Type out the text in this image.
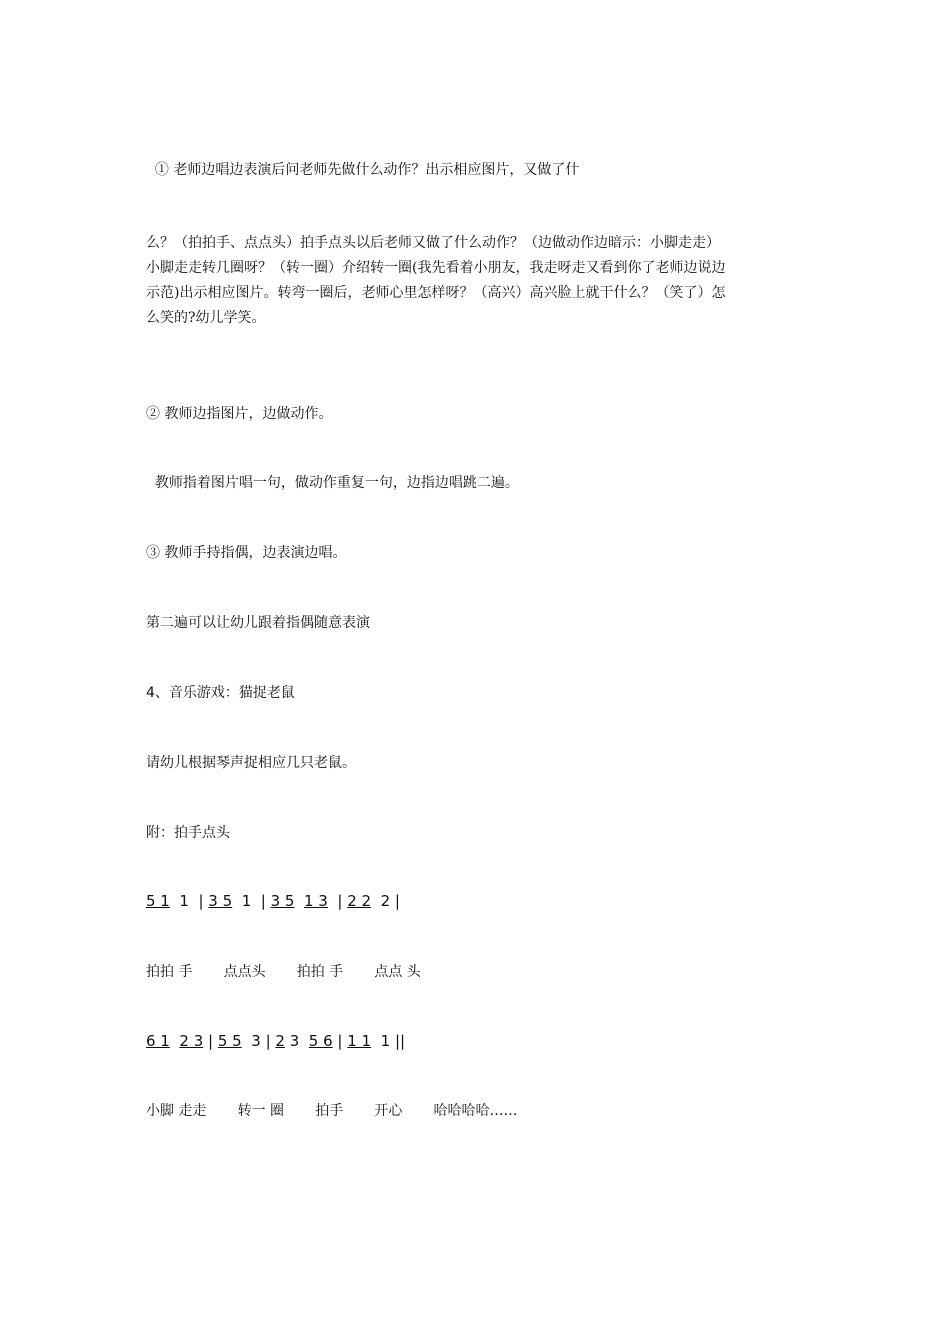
① 老师边唱边表演后问老师先做什么动作？出示相应图片，又做了什
么？（拍拍手、点点头）拍手点头以后老师又做了什么动作？（边做动作边暗示：小脚走走）
小脚走走转几圈呀？（转一圈）介绍转一圈(我先看着小朋友，我走呀走又看到你了老师边说边
示范)出示相应图片。转弯一圈后，老师心里怎样呀？（高兴）高兴脸上就干什么？（笑了）怎
么笑的?幼儿学笑。
② 教师边指图片，边做动作。
教师指着图片唱一句，做动作重复一句，边指边唱跳二遍。
③ 教师手持指偶，边表演边唱。
第二遍可以让幼儿跟着指偶随意表演
4、音乐游戏：猫捉老鼠
请幼儿根据琴声捉相应几只老鼠。
附：拍手点头
5 1  1  | 3 5  1  | 3 5 1 3  | 2 2  2 |
拍拍 手       点点头       拍拍 手       点点 头
6 1 2 3 | 5 5  3 | 2 3  5 6 | 1 1  1 ||
小脚 走走       转一 圈       拍手       开心       哈哈哈哈……
